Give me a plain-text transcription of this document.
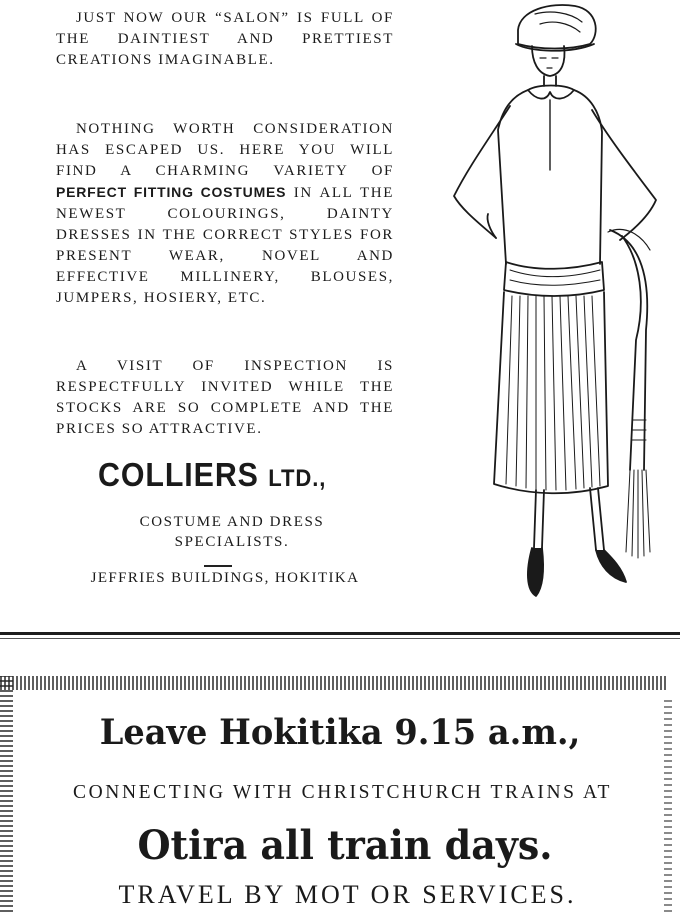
JUST NOW OUR “SALON” IS FULL OF THE DAINTIEST AND PRETTIEST CREATIONS IMAGINABLE.

NOTHING WORTH CONSIDERATION HAS ESCAPED US. HERE YOU WILL FIND A CHARMING VARIETY OF PERFECT FITTING COSTUMES IN ALL THE NEWEST COLOURINGS, DAINTY DRESSES IN THE CORRECT STYLES FOR PRESENT WEAR, NOVEL AND EFFECTIVE MILLINERY, BLOUSES, JUMPERS, HOSIERY, ETC.

A VISIT OF INSPECTION IS RESPECTFULLY INVITED WHILE THE STOCKS ARE SO COMPLETE AND THE PRICES SO ATTRACTIVE.

COLLIERS LTD.,
COSTUME AND DRESS
SPECIALISTS.
JEFFRIES BUILDINGS, HOKITIKA
Leave Hokitika 9.15 a.m.,
CONNECTING WITH CHRISTCHURCH TRAINS AT
Otira all train days.
TRAVEL BY MOT OR SERVICES.
